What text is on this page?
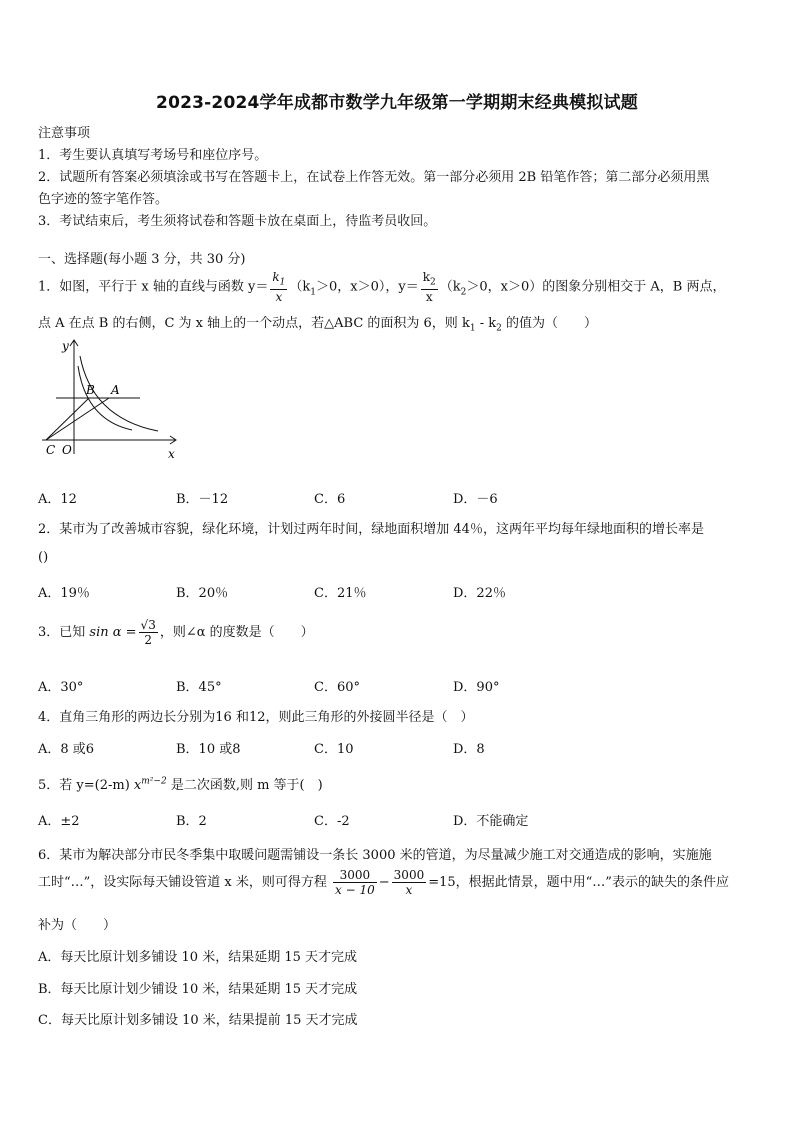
2023-2024学年成都市数学九年级第一学期期末经典模拟试题
注意事项
1．考生要认真填写考场号和座位序号。
2．试题所有答案必须填涂或书写在答题卡上，在试卷上作答无效。第一部分必须用 2B 铅笔作答；第二部分必须用黑
色字迹的签字笔作答。
3．考试结束后，考生须将试卷和答题卡放在桌面上，待监考员收回。
一、选择题(每小题 3 分，共 30 分)
1．如图，平行于 x 轴的直线与函数 $y= \frac{k_1}{x} (k_1>0$，x＞0），$y= \frac{k_2}{x} (k_2>0$，x＞0）的图象分别相交于 A，B 两点，
点 A 在点 B 的右侧，C 为 x 轴上的一个动点，若△ABC 的面积为 6，则 $k_1 - k_2$ 的值为（　　）
y
B A
C O	x
A．12	B．－12	C．6	D．－6
2．某市为了改善城市容貌，绿化环境，计划过两年时间，绿地面积增加 44％，这两年平均每年绿地面积的增长率是
()
A．19％	B．20％	C．21％	D．22％
3．已知 $\sin \alpha = \frac{√3}{2}$ ，则∠α 的度数是（　　）
A．30°	B．45°	C．60°	D．90°
4．直角三角形的两边长分别为16 和12，则此三角形的外接圆半径是（　）
A．8 或6	B．10 或8	C．10	D．8
5．若 y=(2-m) $x^{m^2-2}$ 是二次函数,则 m 等于(　)
A．±2	B．2	C．-2	D．不能确定
6．某市为解决部分市民冬季集中取暖问题需铺设一条长 3000 米的管道，为尽量减少施工对交通造成的影响，实施施
工时“…”，设实际每天铺设管道 x 米，则可得方程 $\frac{3000}{x - 10} - \frac{3000}{x} =15$，根据此情景，题中用“…”表示的缺失的条件应
补为（　　）
A．每天比原计划多铺设 10 米，结果延期 15 天才完成
B．每天比原计划少铺设 10 米，结果延期 15 天才完成
C．每天比原计划多铺设 10 米，结果提前 15 天才完成
